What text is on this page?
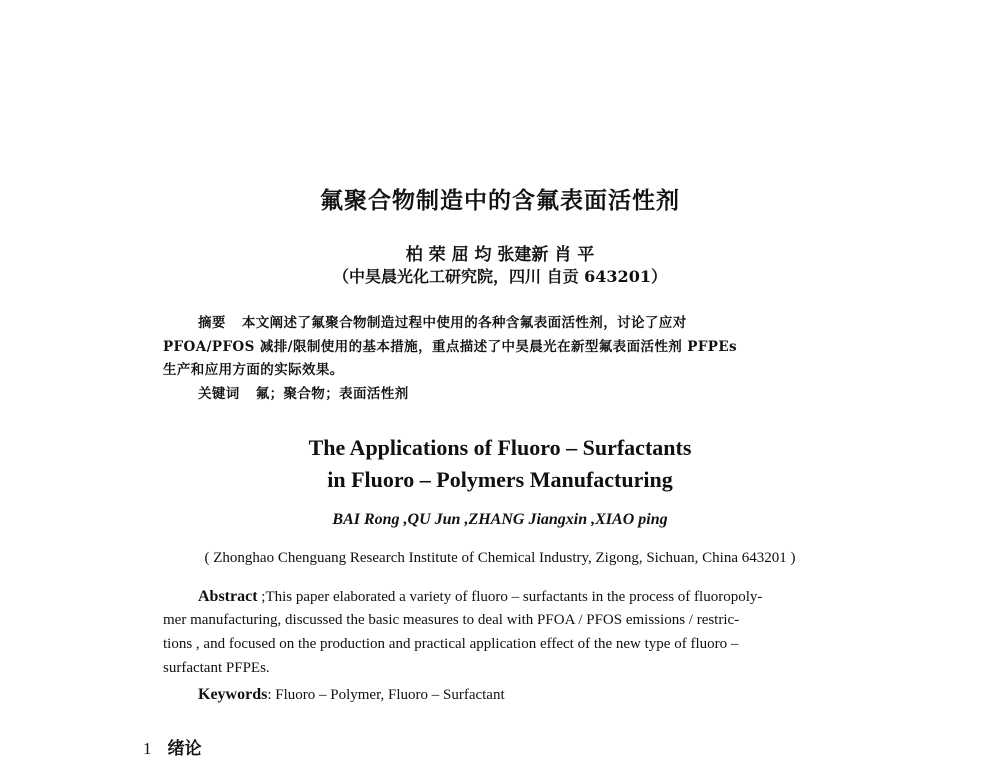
氟聚合物制造中的含氟表面活性剂
柏 荣 屈 均 张建新 肖 平
（中昊晨光化工研究院，四川 自贡 643201）
摘要 本文阐述了氟聚合物制造过程中使用的各种含氟表面活性剂，讨论了应对
PFOA/PFOS 减排/限制使用的基本措施，重点描述了中昊晨光在新型氟表面活性剂 PFPEs
生产和应用方面的实际效果。
关键词 氟；聚合物；表面活性剂
The Applications of Fluoro – Surfactants
in Fluoro – Polymers Manufacturing
BAI Rong ,QU Jun ,ZHANG Jiangxin ,XIAO ping
( Zhonghao Chenguang Research Institute of Chemical Industry, Zigong, Sichuan, China 643201 )
Abstract ;This paper elaborated a variety of fluoro – surfactants in the process of fluoropoly-
mer manufacturing, discussed the basic measures to deal with PFOA / PFOS emissions / restric-
tions , and focused on the production and practical application effect of the new type of fluoro –
surfactant PFPEs.
Keywords: Fluoro – Polymer, Fluoro – Surfactant
1 绪论
